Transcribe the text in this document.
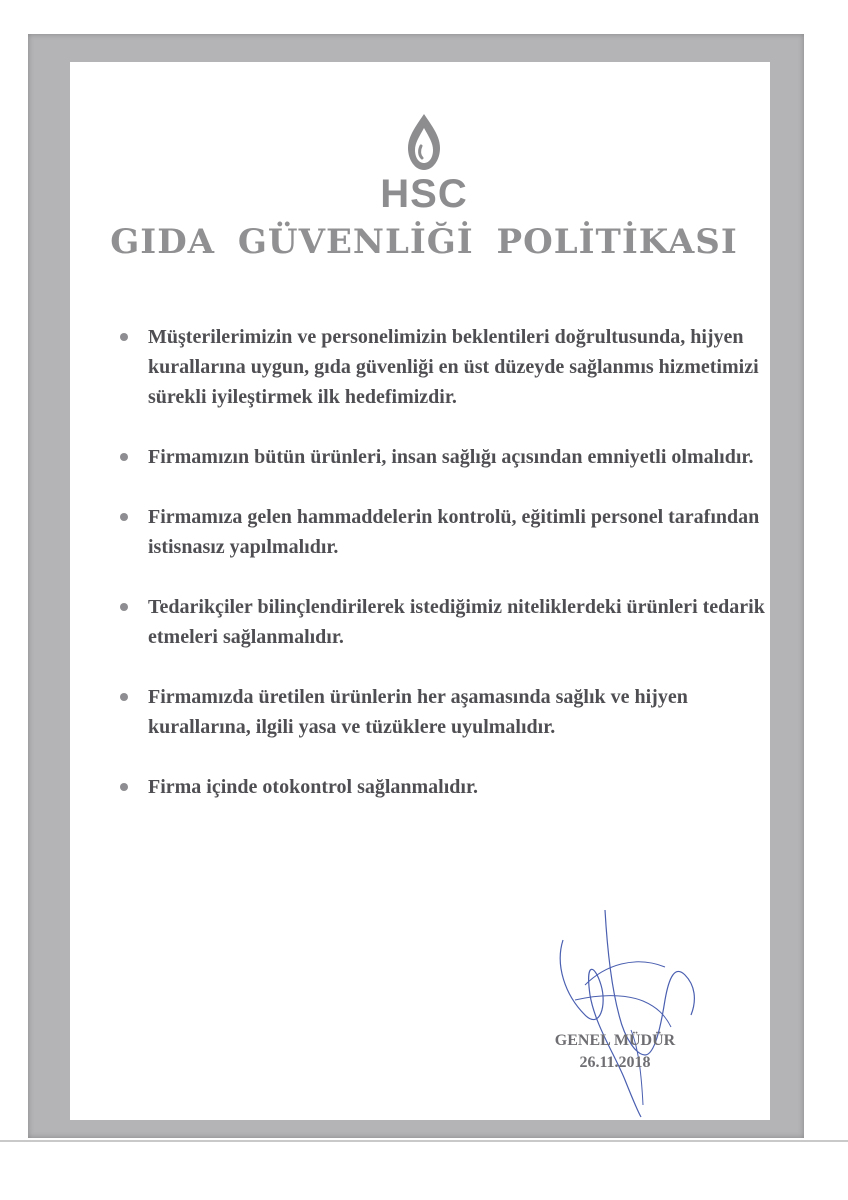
HSC
GIDA GÜVENLİĞİ POLİTİKASI
Müşterilerimizin ve personelimizin beklentileri doğrultusunda, hijyen kurallarına uygun, gıda güvenliği en üst düzeyde sağlanmıs hizmetimizi sürekli iyileştirmek ilk hedefimizdir.
Firmamızın bütün ürünleri, insan sağlığı açısından emniyetli olmalıdır.
Firmamıza gelen hammaddelerin kontrolü, eğitimli personel tarafından istisnasız yapılmalıdır.
Tedarikçiler bilinçlendirilerek istediğimiz niteliklerdeki ürünleri tedarik etmeleri sağlanmalıdır.
Firmamızda üretilen ürünlerin her aşamasında sağlık ve hijyen kurallarına, ilgili yasa ve tüzüklere uyulmalıdır.
Firma içinde otokontrol sağlanmalıdır.
GENEL MÜDÜR
26.11.2018
